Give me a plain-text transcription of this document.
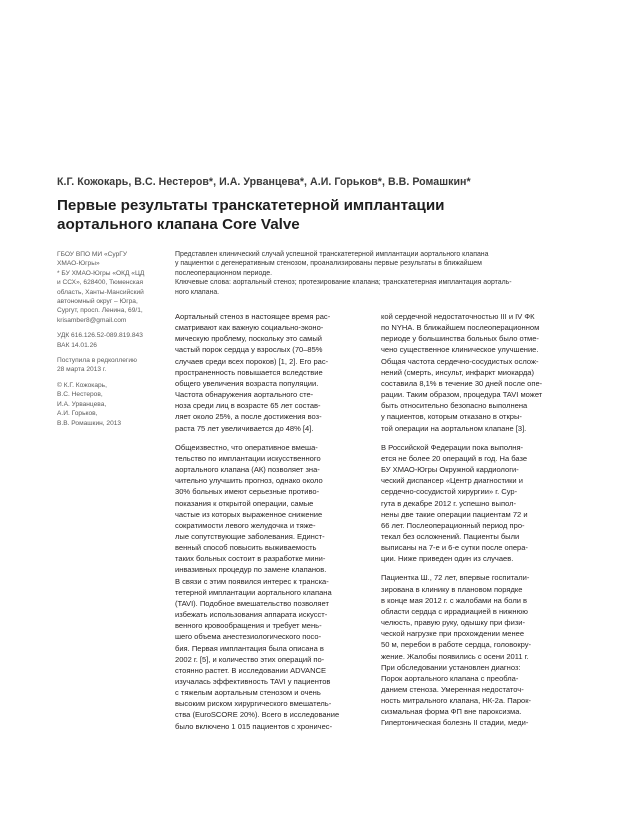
К.Г. Кожокарь, В.С. Нестеров*, И.А. Урванцева*, А.И. Горьков*, В.В. Ромашкин*
Первые результаты транскатетерной имплантации
аортального клапана Core Valve
ГБОУ ВПО МИ «СурГУ
ХМАО-Югры»
* БУ ХМАО-Югры «ОКД «ЦД
и ССХ», 628400, Тюменская
область, Ханты-Мансийский
автономный округ – Югра,
Сургут, просп. Ленина, 69/1,
krisamber8@gmail.com
УДК 616.126.52-089.819.843
ВАК 14.01.26
Поступила в редколлегию
28 марта 2013 г.
© К.Г. Кожокарь,
В.С. Нестеров,
И.А. Урванцева,
А.И. Горьков,
В.В. Ромашкин, 2013
Представлен клинический случай успешной транскатетерной имплантации аортального клапана
у пациентки с дегенеративным стенозом, проанализированы первые результаты в ближайшем
послеоперационном периоде.
Ключевые слова: аортальный стеноз; протезирование клапана; транскатетерная имплантация аорталь-
ного клапана.
Аортальный стеноз в настоящее время рас-
сматривают как важную социально-эконо-
мическую проблему, поскольку это самый
частый порок сердца у взрослых (70–85%
случаев среди всех пороков) [1, 2]. Его рас-
пространенность повышается вследствие
общего увеличения возраста популяции.
Частота обнаружения аортального сте-
ноза среди лиц в возрасте 65 лет состав-
ляет около 25%, а после достижения воз-
раста 75 лет увеличивается до 48% [4].
Общеизвестно, что оперативное вмеша-
тельство по имплантации искусственного
аортального клапана (АК) позволяет зна-
чительно улучшить прогноз, однако около
30% больных имеют серьезные противо-
показания к открытой операции, самые
частые из которых выраженное снижение
сократимости левого желудочка и тяже-
лые сопутствующие заболевания. Единст-
венный способ повысить выживаемость
таких больных состоит в разработке мини-
инвазивных процедур по замене клапанов.
В связи с этим появился интерес к транска-
тетерной имплантации аортального клапана
(TAVI). Подобное вмешательство позволяет
избежать использования аппарата искусст-
венного кровообращения и требует мень-
шего объема анестезиологического посо-
бия. Первая имплантация была описана в
2002 г. [5], и количество этих операций по-
стоянно растет. В исследовании ADVANCE
изучалась эффективность TAVI у пациентов
с тяжелым аортальным стенозом и очень
высоким риском хирургического вмешатель-
ства (EuroSCORE 20%). Всего в исследование
было включено 1 015 пациентов с хроничес-
кой сердечной недостаточностью III и IV ФК
по NYHA. В ближайшем послеоперационном
периоде у большинства больных было отме-
чено существенное клиническое улучшение.
Общая частота сердечно-сосудистых ослож-
нений (смерть, инсульт, инфаркт миокарда)
составила 8,1% в течение 30 дней после опе-
рации. Таким образом, процедура TAVI может
быть относительно безопасно выполнена
у пациентов, которым отказано в откры-
той операции на аортальном клапане [3].
В Российской Федерации пока выполня-
ется не более 20 операций в год. На базе
БУ ХМАО-Югры Окружной кардиологи-
ческий диспансер «Центр диагностики и
сердечно-сосудистой хирургии» г. Сур-
гута в декабре 2012 г. успешно выпол-
нены две такие операции пациентам 72 и
66 лет. Послеоперационный период про-
текал без осложнений. Пациенты были
выписаны на 7-е и 6-е сутки после опера-
ции. Ниже приведен один из случаев.
Пациентка Ш., 72 лет, впервые госпитали-
зирована в клинику в плановом порядке
в конце мая 2012 г. с жалобами на боли в
области сердца с иррадиацией в нижнюю
челюсть, правую руку, одышку при физи-
ческой нагрузке при прохождении менее
50 м, перебои в работе сердца, головокру-
жение. Жалобы появились с осени 2011 г.
При обследовании установлен диагноз:
Порок аортального клапана с преобла-
данием стеноза. Умеренная недостаточ-
ность митрального клапана, НК-2а. Парок-
сизмальная форма ФП вне пароксизма.
Гипертоническая болезнь II стадии, меди-
